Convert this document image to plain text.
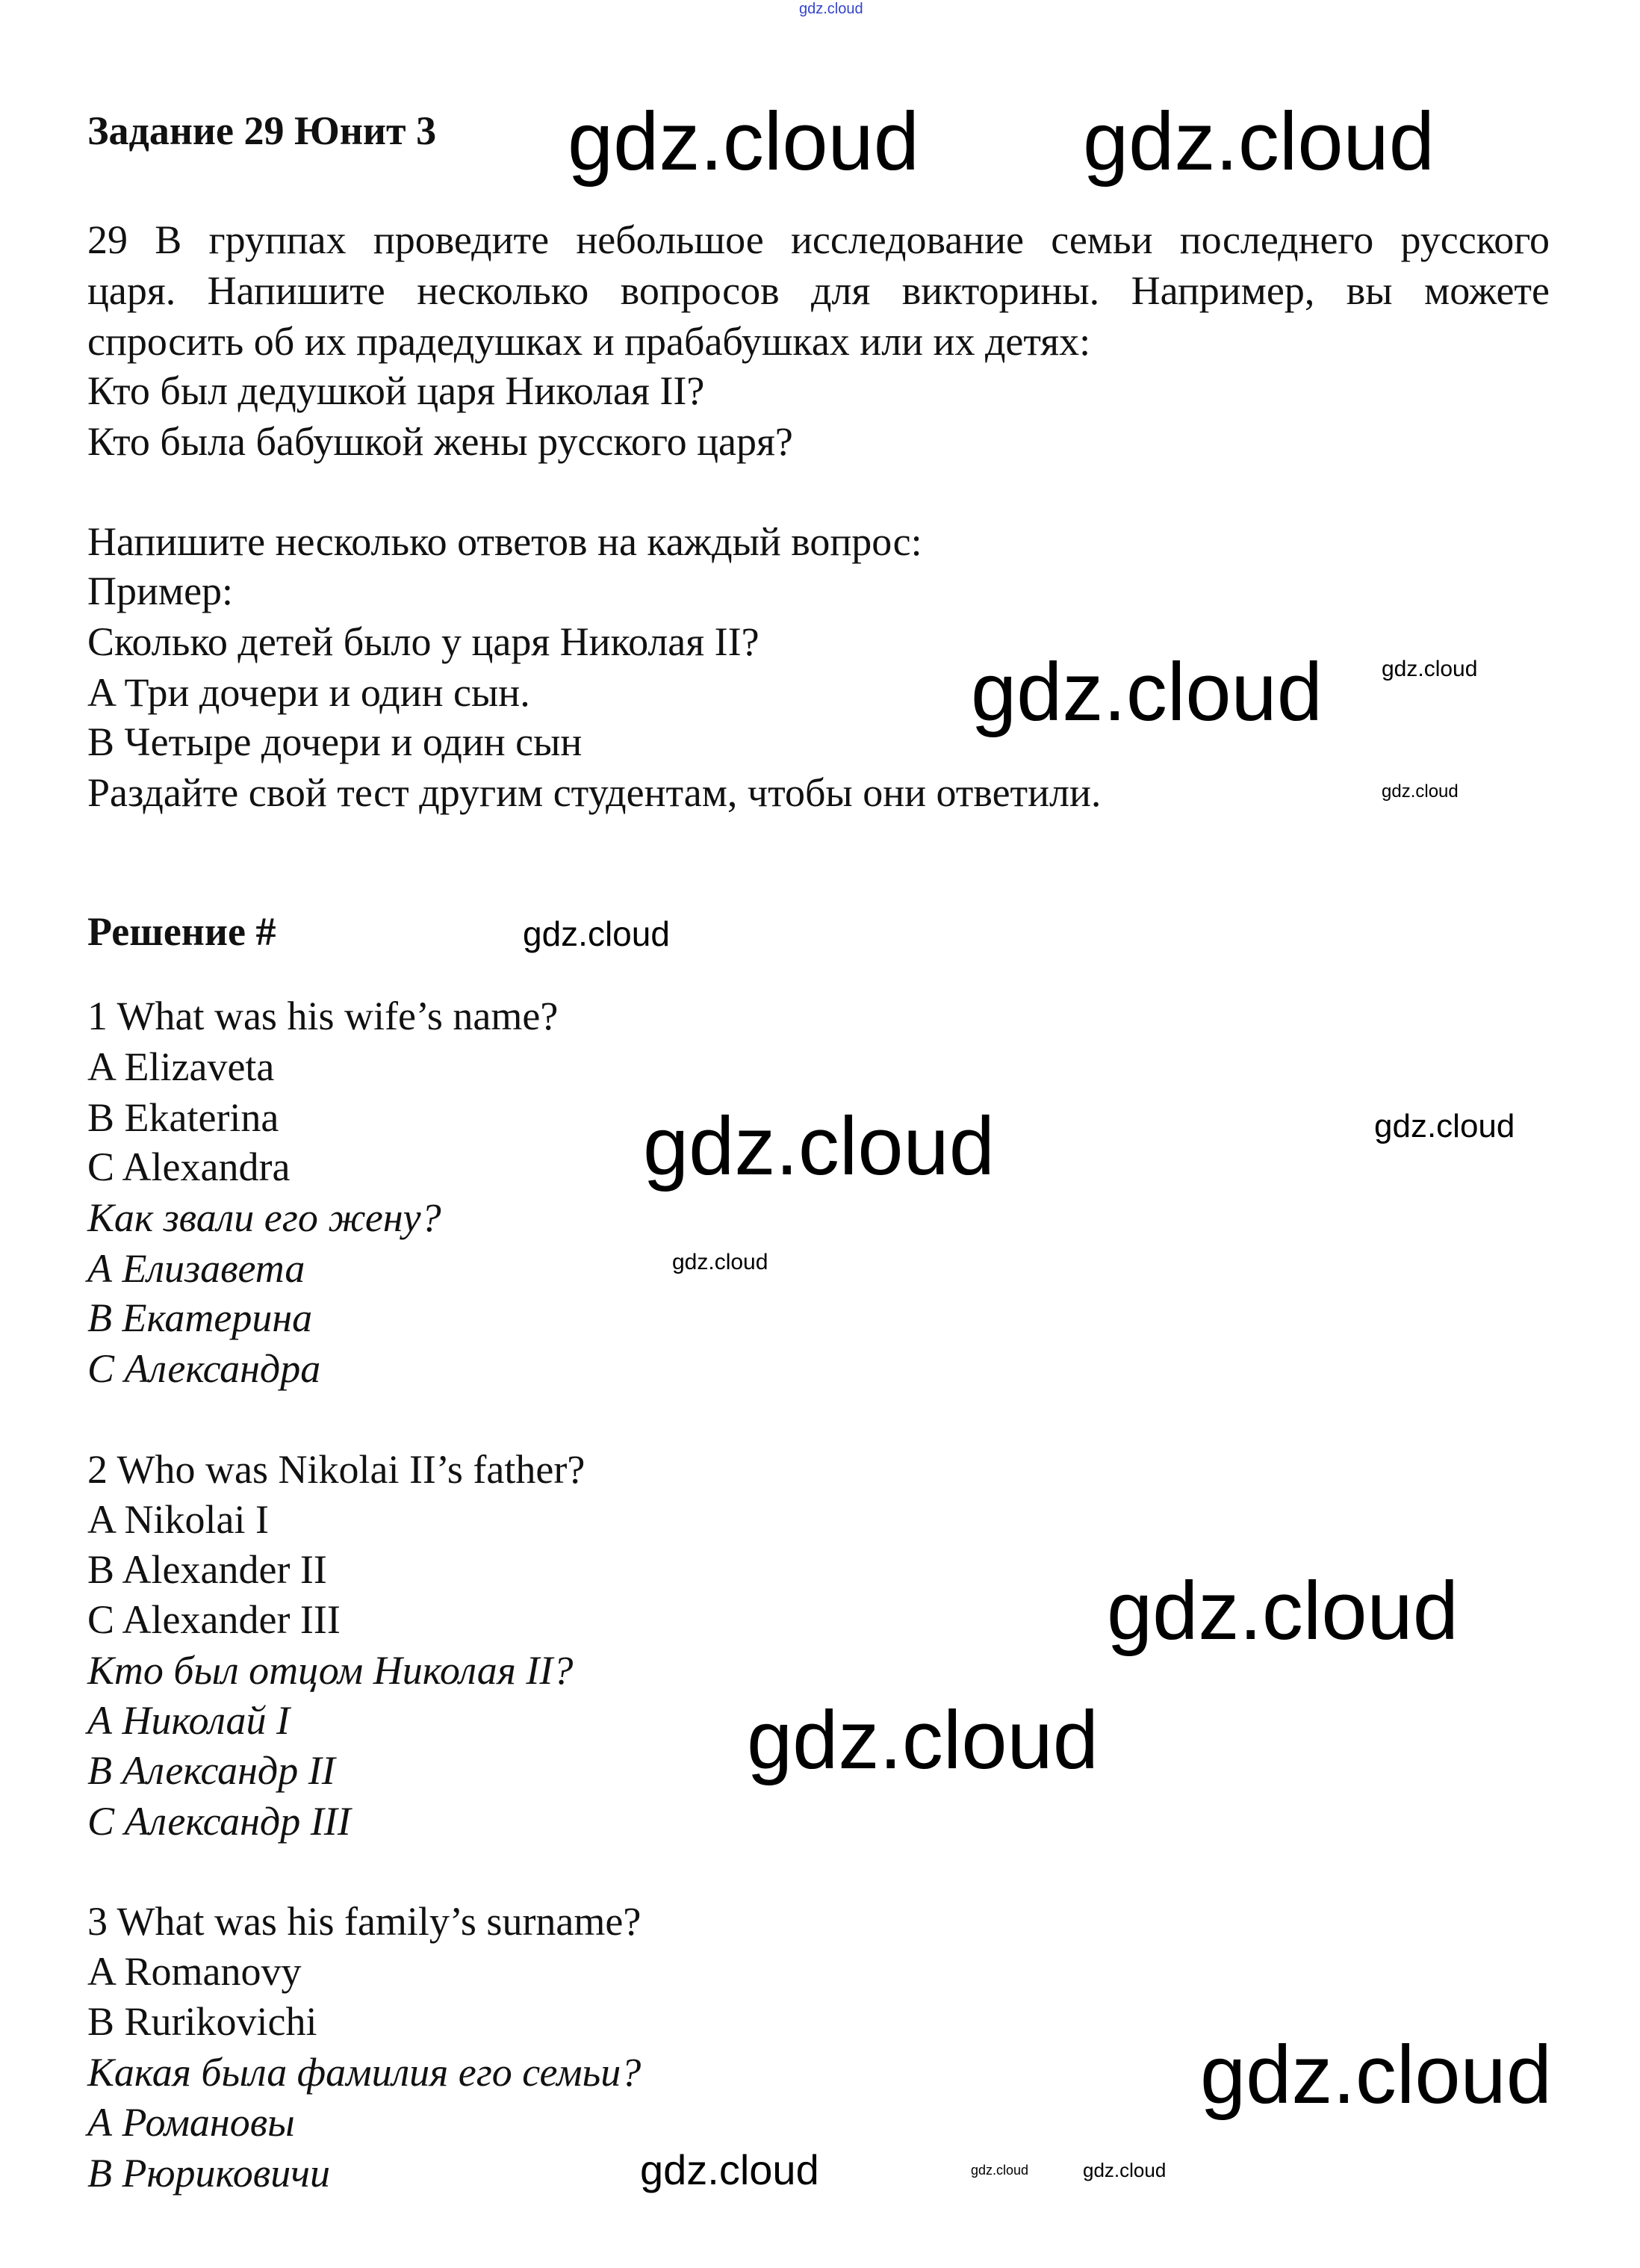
gdz.cloud
gdz.cloud gdz.cloud
gdz.cloud
gdz.cloud
gdz.cloud
gdz.cloud
gdz.cloud	gdz.cloud
gdz.cloud
gdz.cloud
gdz.cloud
gdz.cloud
gdz.cloud	gdz.cloud	gdz.cloud
Задание 29 Юнит 3
29 В группах проведите небольшое исследование семьи последнего русского
царя. Напишите несколько вопросов для викторины. Например, вы можете
спросить об их прадедушках и прабабушках или их детях:
Кто был дедушкой царя Николая II?
Кто была бабушкой жены русского царя?
Напишите несколько ответов на каждый вопрос:
Пример:
Сколько детей было у царя Николая II?
A Три дочери и один сын.
B Четыре дочери и один сын
Раздайте свой тест другим студентам, чтобы они ответили.
Решение #
1 What was his wife’s name?
A Elizaveta
B Ekaterina
C Alexandra
Как звали его жену?
А Елизавета
В Екатерина
С Александра
2 Who was Nikolai II’s father?
A Nikolai I
B Alexander II
C Alexander III
Кто был отцом Николая II?
А Николай I
В Александр II
С Александр III
3 What was his family’s surname?
A Romanovy
B Rurikovichi
Какая была фамилия его семьи?
А Романовы
В Рюриковичи
